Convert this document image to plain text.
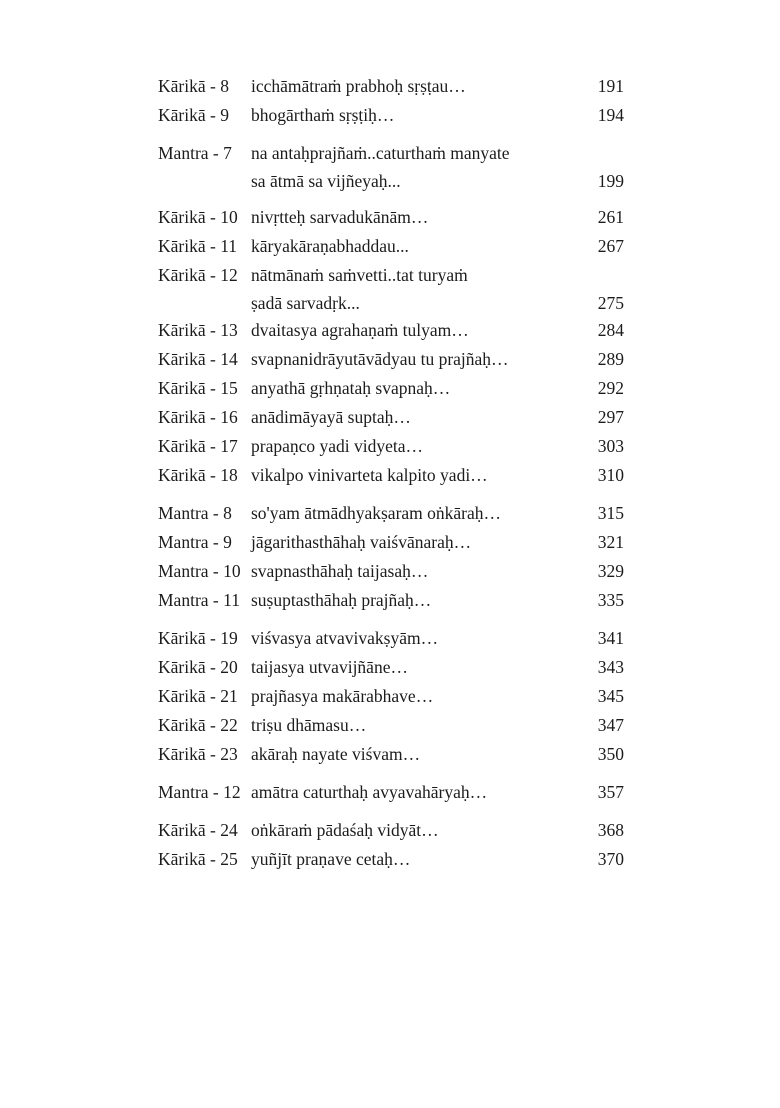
Kārikā - 8 icchāmātraṁ prabhoḥ sṛṣṭau…	191
Kārikā - 9 bhogārthaṁ sṛṣṭiḥ…	194
Mantra - 7 na antaḥprajñaṁ..caturthaṁ manyate
sa ātmā sa vijñeyaḥ...	199
Kārikā - 10 nivṛtteḥ sarvadukānām…	261
Kārikā - 11 kāryakāraṇabhaddau...	267
Kārikā - 12 nātmānaṁ saṁvetti..tat turyaṁ
ṣadā sarvadṛk...	275
Kārikā - 13 dvaitasya agrahaṇaṁ tulyam…	284
Kārikā - 14 svapnanidrāyutāvādyau tu prajñaḥ…	289
Kārikā - 15 anyathā gṛhṇataḥ svapnaḥ…	292
Kārikā - 16 anādimāyayā suptaḥ…	297
Kārikā - 17 prapaṇco yadi vidyeta…	303
Kārikā - 18 vikalpo vinivarteta kalpito yadi…	310
Mantra - 8 so'yam ātmādhyakṣaram oṅkāraḥ…	315
Mantra - 9 jāgarithasthāhaḥ vaiśvānaraḥ…	321
Mantra - 10 svapnasthāhaḥ taijasaḥ…	329
Mantra - 11 suṣuptasthāhaḥ prajñaḥ…	335
Kārikā - 19 viśvasya atvavivakṣyām…	341
Kārikā - 20 taijasya utvavijñāne…	343
Kārikā - 21 prajñasya makārabhave…	345
Kārikā - 22 triṣu dhāmasu…	347
Kārikā - 23 akāraḥ nayate viśvam…	350
Mantra - 12 amātra caturthaḥ avyavahāryaḥ…	357
Kārikā - 24 oṅkāraṁ pādaśaḥ vidyāt…	368
Kārikā - 25 yuñjīt praṇave cetaḥ…	370
